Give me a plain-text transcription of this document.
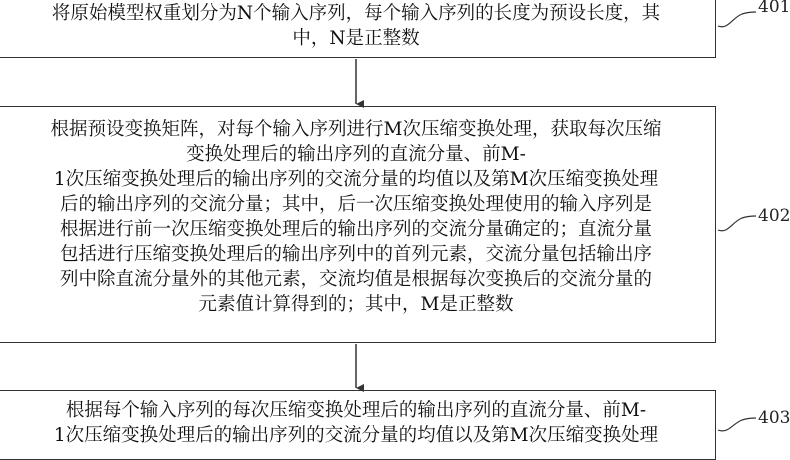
将原始模型权重划分为N个输入序列，每个输入序列的长度为预设长度，其
中，N是正整数
根据预设变换矩阵，对每个输入序列进行M次压缩变换处理，获取每次压缩
变换处理后的输出序列的直流分量、前M-
1次压缩变换处理后的输出序列的交流分量的均值以及第M次压缩变换处理
后的输出序列的交流分量；其中，后一次压缩变换处理使用的输入序列是
根据进行前一次压缩变换处理后的输出序列的交流分量确定的；直流分量
包括进行压缩变换处理后的输出序列中的首列元素，交流分量包括输出序
列中除直流分量外的其他元素，交流均值是根据每次变换后的交流分量的
元素值计算得到的；其中，M是正整数
根据每个输入序列的每次压缩变换处理后的输出序列的直流分量、前M-
1次压缩变换处理后的输出序列的交流分量的均值以及第M次压缩变换处理
401
402
403
